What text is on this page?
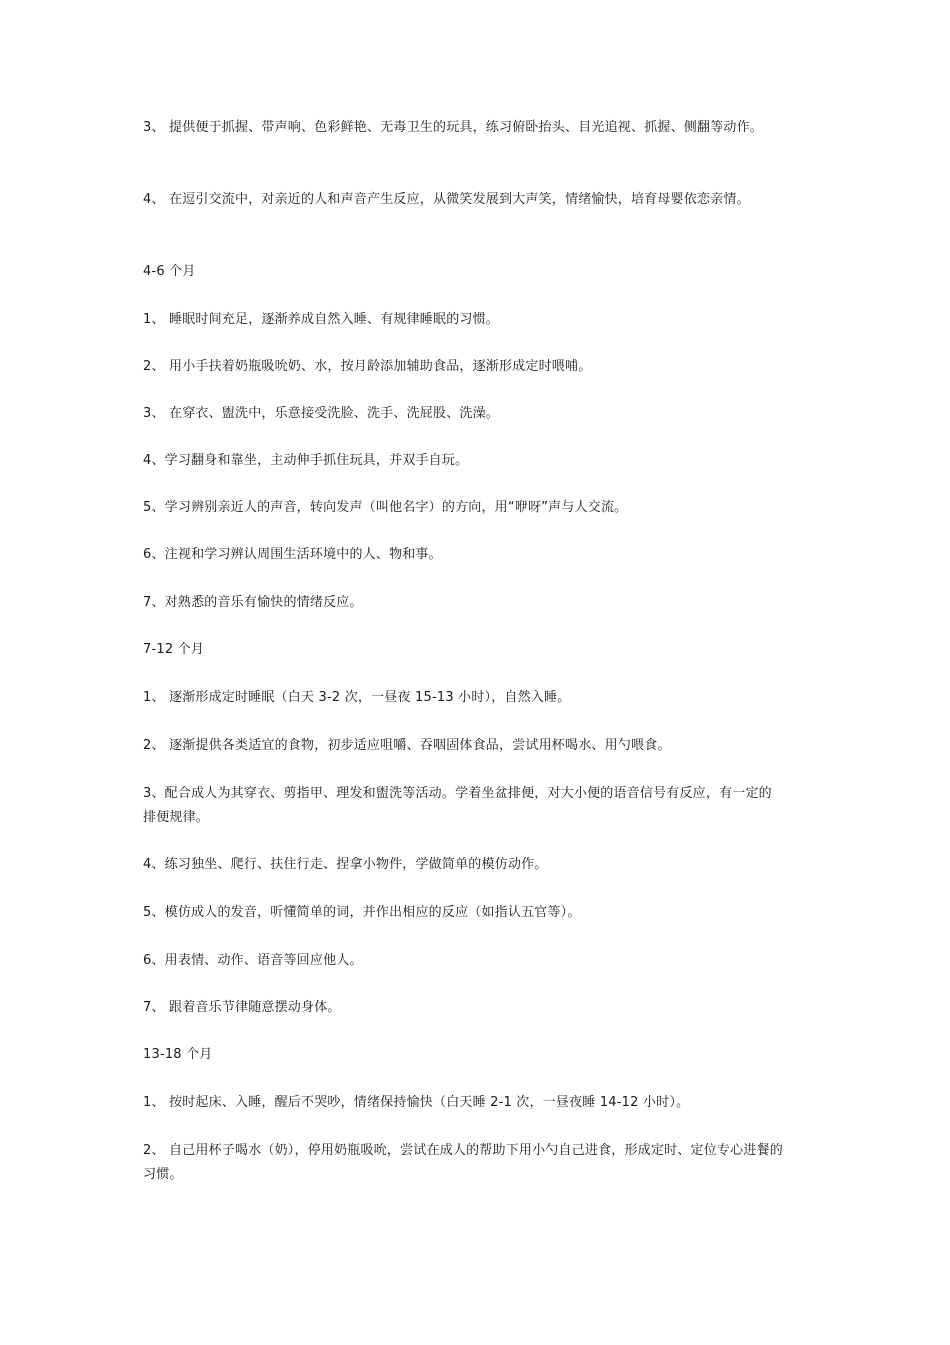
3、 提供便于抓握、带声响、色彩鲜艳、无毒卫生的玩具，练习俯卧抬头、目光追视、抓握、侧翻等动作。

4、 在逗引交流中，对亲近的人和声音产生反应，从微笑发展到大声笑，情绪愉快，培育母婴依恋亲情。

4-6 个月

1、 睡眠时间充足，逐渐养成自然入睡、有规律睡眠的习惯。

2、 用小手扶着奶瓶吸吮奶、水，按月龄添加辅助食品，逐渐形成定时喂哺。

3、 在穿衣、盥洗中，乐意接受洗脸、洗手、洗屁股、洗澡。

4、学习翻身和靠坐，主动伸手抓住玩具，并双手自玩。

5、学习辨别亲近人的声音，转向发声（叫他名字）的方向，用“咿呀”声与人交流。

6、注视和学习辨认周围生活环境中的人、物和事。

7、对熟悉的音乐有愉快的情绪反应。

7-12 个月

1、 逐渐形成定时睡眠（白天 3-2 次，一昼夜 15-13 小时），自然入睡。

2、 逐渐提供各类适宜的食物，初步适应咀嚼、吞咽固体食品，尝试用杯喝水、用勺喂食。

3、配合成人为其穿衣、剪指甲、理发和盥洗等活动。学着坐盆排便，对大小便的语音信号有反应，有一定的排便规律。

4、练习独坐、爬行、扶住行走、捏拿小物件，学做简单的模仿动作。

5、模仿成人的发音，听懂简单的词，并作出相应的反应（如指认五官等）。

6、用表情、动作、语音等回应他人。

7、 跟着音乐节律随意摆动身体。

13-18 个月

1、 按时起床、入睡，醒后不哭吵，情绪保持愉快（白天睡 2-1 次，一昼夜睡 14-12 小时）。

2、 自己用杯子喝水（奶），停用奶瓶吸吮，尝试在成人的帮助下用小勺自己进食，形成定时、定位专心进餐的习惯。
